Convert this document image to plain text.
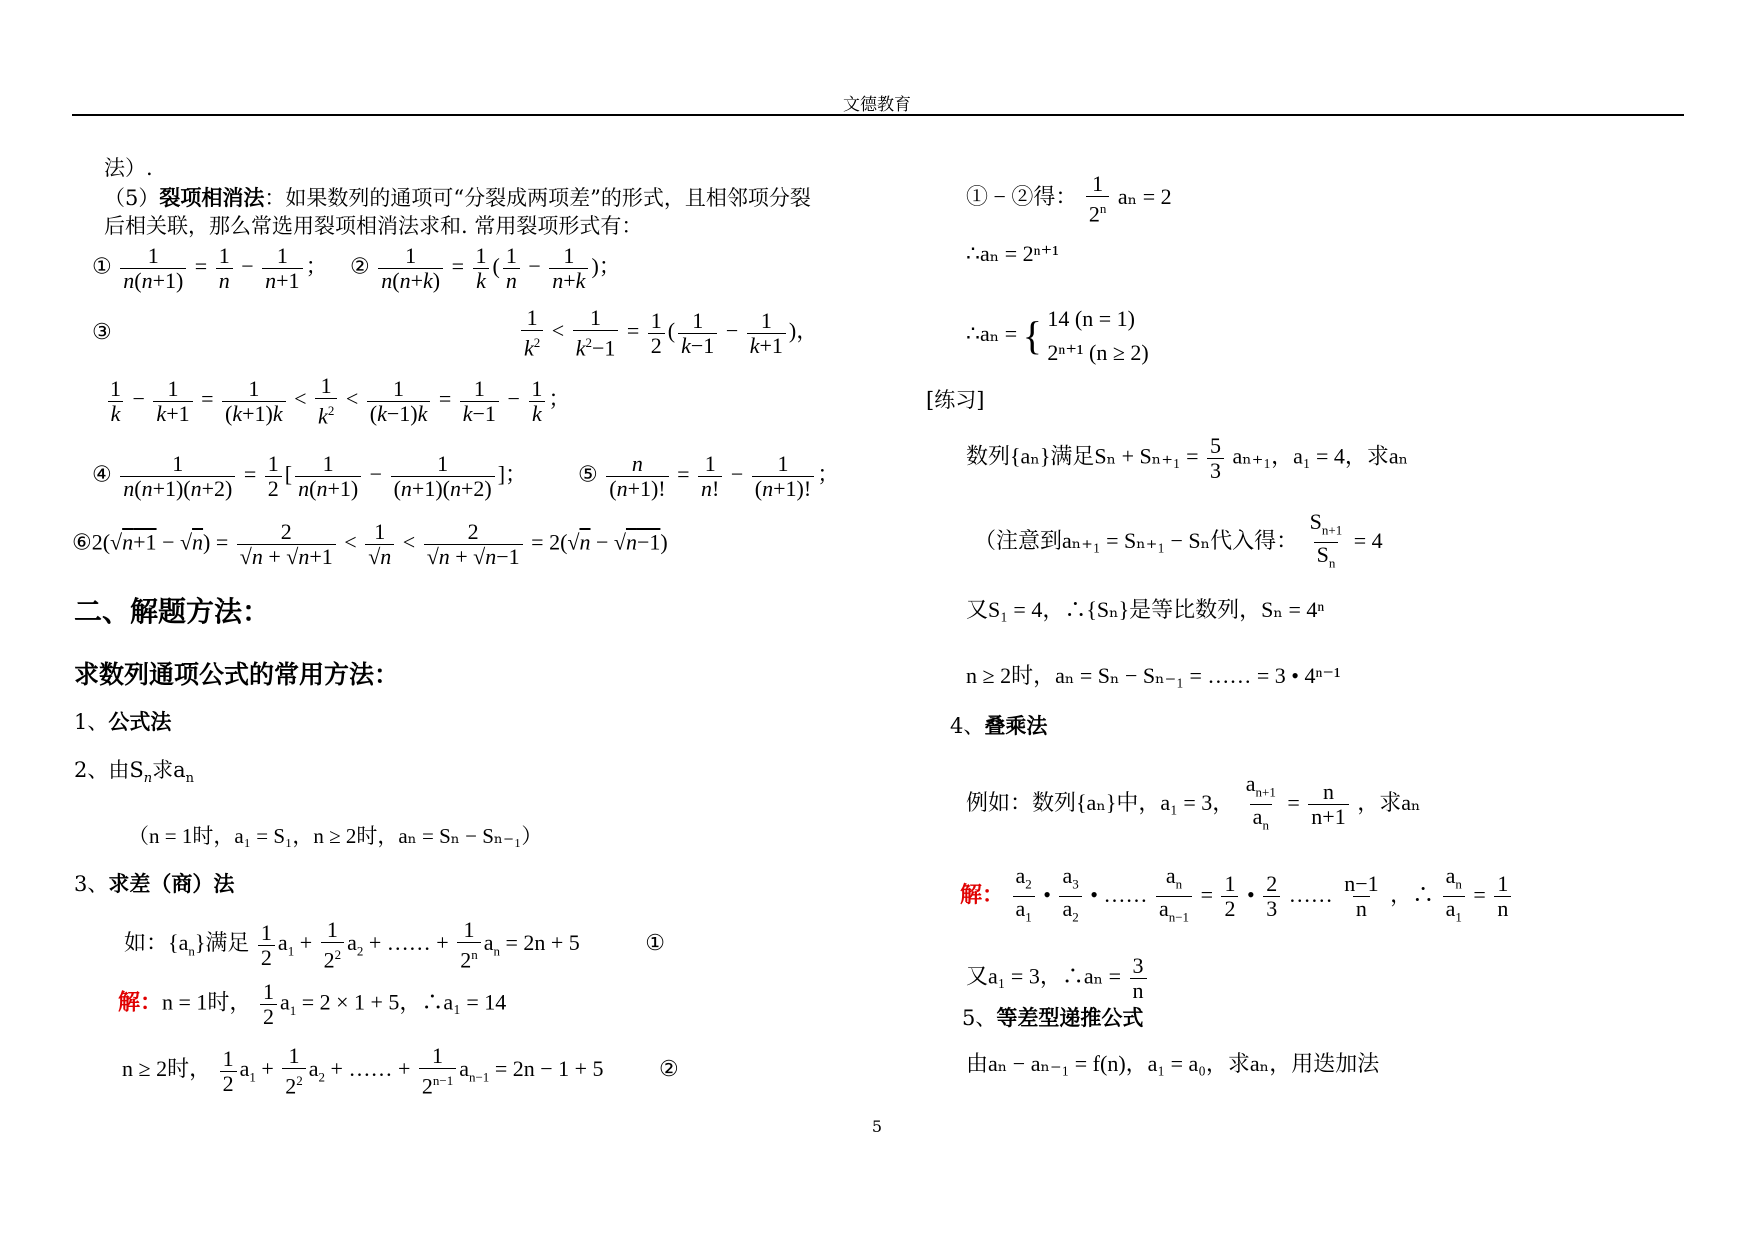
文德教育
法）.
（5）裂项相消法：如果数列的通项可“分裂成两项差”的形式，且相邻项分裂
后相关联，那么常选用裂项相消法求和. 常用裂项形式有：
① $\frac{1}{n(n+1)} = \frac{1}{n} - \frac{1}{n+1}$ ； ② $\frac{1}{n(n+k)} = \frac{1}{k}$ ( $\frac{1}{n} - \frac{1}{n+k}$ )；
③	$\frac{1}{k^2} < \frac{1}{k^2-1} = \frac{1}{2}$ ( $\frac{1}{k-1} - \frac{1}{k+1}$ )，
$\frac{1}{k} - \frac{1}{k+1} = \frac{1}{(k+1)k} < \frac{1}{k^2} < \frac{1}{(k-1)k} = \frac{1}{k-1} - \frac{1}{k}$ ；
④ $\frac{1}{n(n+1)(n+2)} = \frac{1}{2}$ [ $\frac{1}{n(n+1)} - \frac{1}{(n+1)(n+2)}$ ]； ⑤ $\frac{n}{(n+1)!} = \frac{1}{n!} - \frac{1}{(n+1)!}$ ；
⑥2(√n+1 − $√n) = \frac{2}{√n + √n+1} < \frac{1}{√n} < \frac{2}{√n + √n-1} = 2(√n - √n-1)$
二、解题方法：
求数列通项公式的常用方法：
1、公式法
2、由$S_n$求$a_n$
（n = 1时，a₁ = S₁，n ≥ 2时，aₙ = Sₙ − Sₙ₋₁）
3、求差（商）法
如：$\{a_n\}$满足 $\frac{1}{2} a_1 + \frac{1}{2^2} a_2$ + …… + $\frac{1}{2^n} a_n = 2n + 5$	①
解：n = 1时， $\frac{1}{2} a_1 = 2 \times 1 + 5$，∴a₁ = 14
n ≥ 2时， $\frac{1}{2} a_1 + \frac{1}{2^2} a_2$ + …… + $\frac{1}{2^{n-1}} a_{n-1} = 2n - 1 + 5$	②
① − ②得： $\frac{1}{2^n}$ aₙ = 2
∴aₙ = 2ⁿ⁺¹
∴aₙ = { 14 (n = 1)
2ⁿ⁺¹ (n ≥ 2)
[练习]
数列{aₙ}满足$S_n + S_{n+1} = \frac{5}{3} a_{n+1}$，a₁ = 4，求aₙ
（注意到aₙ₊₁ = Sₙ₊₁ − Sₙ代入得： $\frac{S_{n+1}}{S_n} = 4$
又S₁ = 4，∴{Sₙ}是等比数列，Sₙ = 4ⁿ
n ≥ 2时，aₙ = Sₙ − Sₙ₋₁ = …… = 3 • 4ⁿ⁻¹
4、叠乘法
例如：数列{aₙ}中，a₁ = 3， $\frac{a_{n+1}}{a_n} = \frac{n}{n+1}$ ，求aₙ
解： $\frac{a_2}{a_1}$ • $\frac{a_3}{a_2}$ • …… $\frac{a_n}{a_{n-1}} = \frac{1}{2}$ • $\frac{2}{3}$ …… $\frac{n-1}{n}$ ，∴ $\frac{a_n}{a_1} = \frac{1}{n}$
又a₁ = 3，∴aₙ = $\frac{3}{n}$
5、等差型递推公式
由aₙ − aₙ₋₁ = f(n)，a₁ = a₀，求aₙ，用迭加法
5
